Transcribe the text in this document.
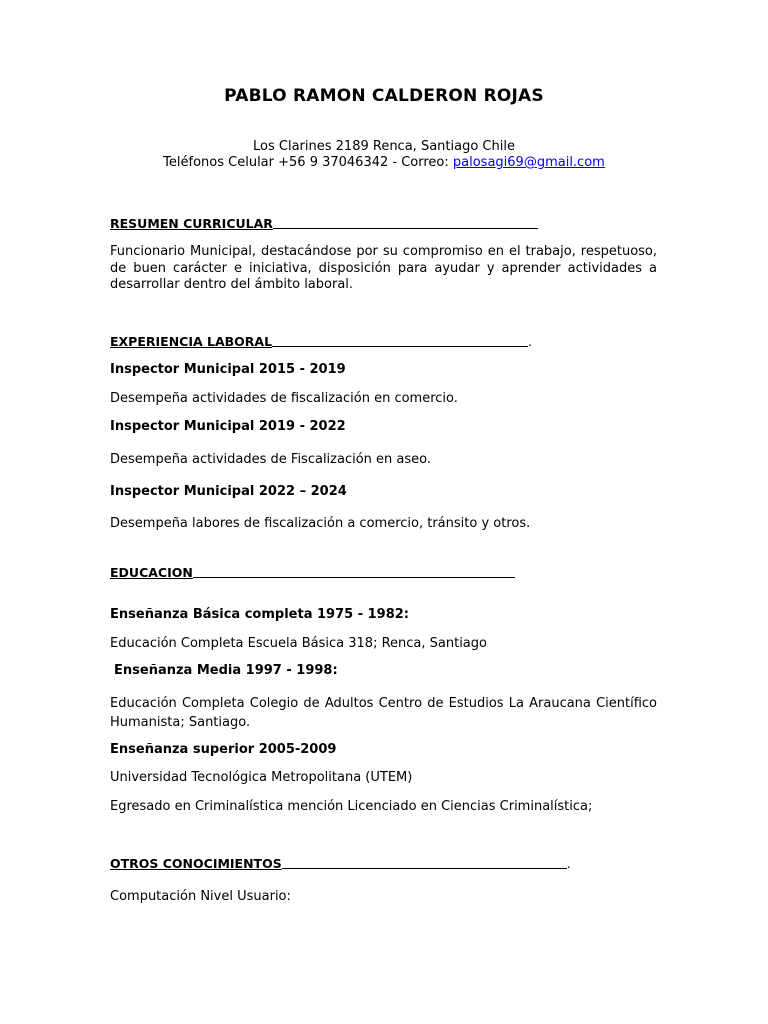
PABLO RAMON CALDERON ROJAS
Los Clarines 2189 Renca, Santiago Chile
Teléfonos Celular +56 9 37046342 - Correo: palosagi69@gmail.com
RESUMEN CURRICULAR
Funcionario Municipal, destacándose por su compromiso en el trabajo, respetuoso, de buen carácter e iniciativa, disposición para ayudar y aprender actividades a desarrollar dentro del ámbito laboral.
EXPERIENCIA LABORAL	.
Inspector Municipal 2015 - 2019
Desempeña actividades de fiscalización en comercio.
Inspector Municipal 2019 - 2022
Desempeña actividades de Fiscalización en aseo.
Inspector Municipal 2022 – 2024
Desempeña labores de fiscalización a comercio, tránsito y otros.
EDUCACION
Enseñanza Básica completa 1975 - 1982:
Educación Completa Escuela Básica 318; Renca, Santiago
Enseñanza Media 1997 - 1998:
Educación Completa Colegio de Adultos Centro de Estudios La Araucana Científico Humanista; Santiago.
Enseñanza superior 2005-2009
Universidad Tecnológica Metropolitana (UTEM)
Egresado en Criminalística mención Licenciado en Ciencias Criminalística;
OTROS CONOCIMIENTOS	.
Computación Nivel Usuario:
